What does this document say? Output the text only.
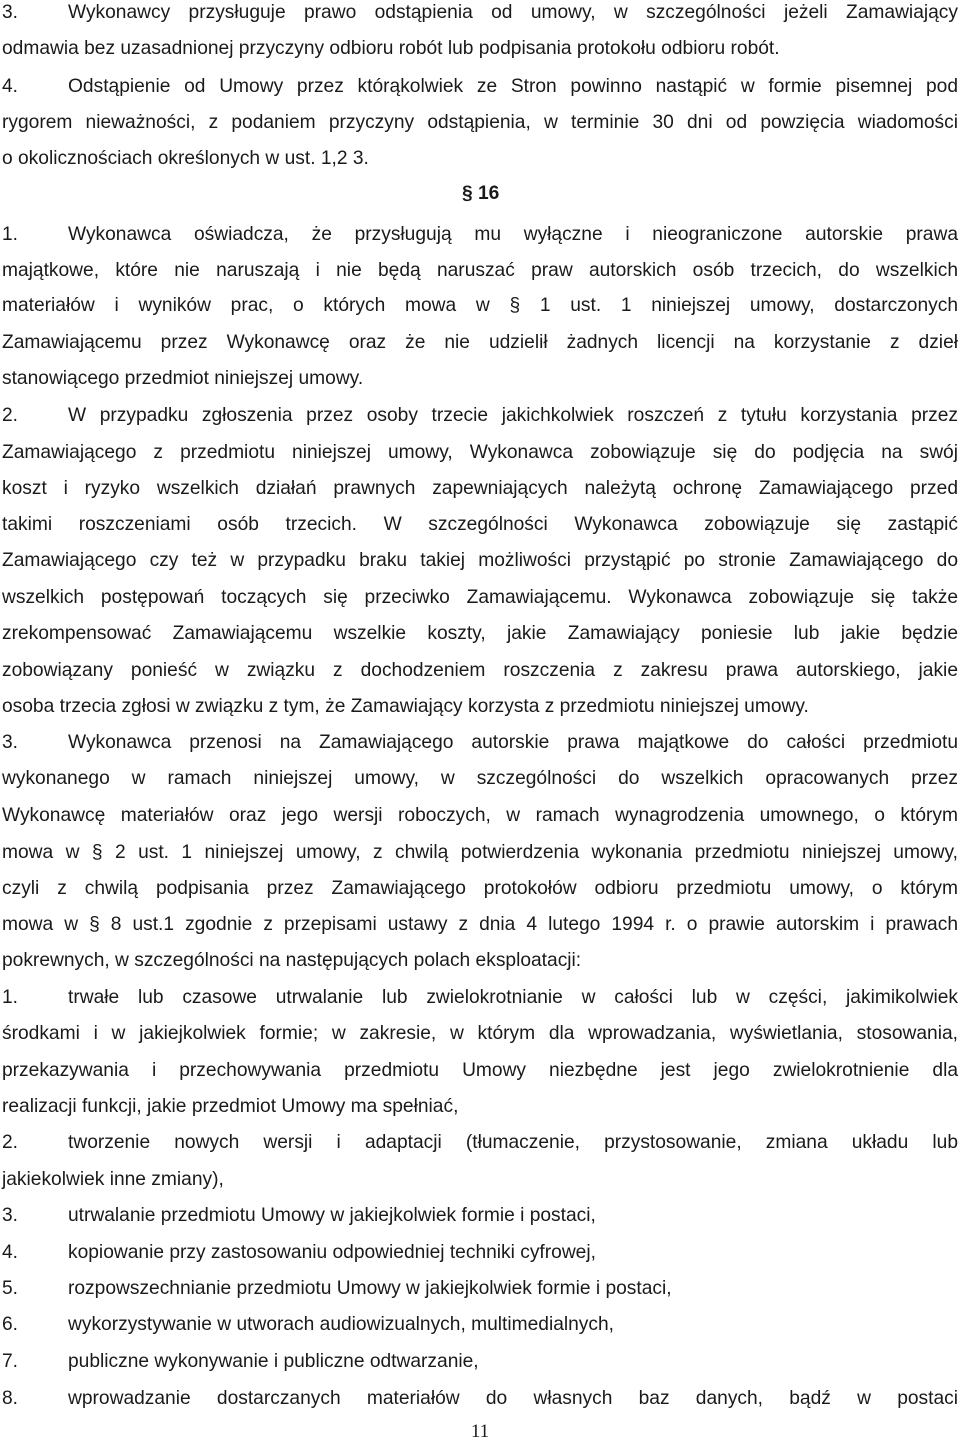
3.	Wykonawcy przysługuje prawo odstąpienia od umowy, w szczególności jeżeli Zamawiający
odmawia bez uzasadnionej przyczyny odbioru robót lub podpisania protokołu odbioru robót.
4.	Odstąpienie od Umowy przez którąkolwiek ze Stron powinno nastąpić w formie pisemnej pod
rygorem nieważności, z podaniem przyczyny odstąpienia, w terminie 30 dni od powzięcia wiadomości
o okolicznościach określonych w ust. 1,2 3.
1.	Wykonawca oświadcza, że przysługują mu wyłączne i nieograniczone autorskie prawa
majątkowe, które nie naruszają i nie będą naruszać praw autorskich osób trzecich, do wszelkich
materiałów i wyników prac, o których mowa w § 1 ust. 1 niniejszej umowy, dostarczonych
Zamawiającemu przez Wykonawcę oraz że nie udzielił żadnych licencji na korzystanie z dzieł
stanowiącego przedmiot niniejszej umowy.
2.	W przypadku zgłoszenia przez osoby trzecie jakichkolwiek roszczeń z tytułu korzystania przez
Zamawiającego z przedmiotu niniejszej umowy, Wykonawca zobowiązuje się do podjęcia na swój
koszt i ryzyko wszelkich działań prawnych zapewniających należytą ochronę Zamawiającego przed
takimi roszczeniami osób trzecich. W szczególności Wykonawca zobowiązuje się zastąpić
Zamawiającego czy też w przypadku braku takiej możliwości przystąpić po stronie Zamawiającego do
wszelkich postępowań toczących się przeciwko Zamawiającemu. Wykonawca zobowiązuje się także
zrekompensować Zamawiającemu wszelkie koszty, jakie Zamawiający poniesie lub jakie będzie
zobowiązany ponieść w związku z dochodzeniem roszczenia z zakresu prawa autorskiego, jakie
osoba trzecia zgłosi w związku z tym, że Zamawiający korzysta z przedmiotu niniejszej umowy.
3.	Wykonawca przenosi na Zamawiającego autorskie prawa majątkowe do całości przedmiotu
wykonanego w ramach niniejszej umowy, w szczególności do wszelkich opracowanych przez
Wykonawcę materiałów oraz jego wersji roboczych, w ramach wynagrodzenia umownego, o którym
mowa w § 2 ust. 1 niniejszej umowy, z chwilą potwierdzenia wykonania przedmiotu niniejszej umowy,
czyli z chwilą podpisania przez Zamawiającego protokołów odbioru przedmiotu umowy, o którym
mowa w § 8 ust.1 zgodnie z przepisami ustawy z dnia 4 lutego 1994 r. o prawie autorskim i prawach
pokrewnych, w szczególności na następujących polach eksploatacji:
1.	trwałe lub czasowe utrwalanie lub zwielokrotnianie w całości lub w części, jakimikolwiek
środkami i w jakiejkolwiek formie; w zakresie, w którym dla wprowadzania, wyświetlania, stosowania,
przekazywania i przechowywania przedmiotu Umowy niezbędne jest jego zwielokrotnienie dla
realizacji funkcji, jakie przedmiot Umowy ma spełniać,
2.	tworzenie nowych wersji i adaptacji (tłumaczenie, przystosowanie, zmiana układu lub
jakiekolwiek inne zmiany),
3.	utrwalanie przedmiotu Umowy w jakiejkolwiek formie i postaci,
4.	kopiowanie przy zastosowaniu odpowiedniej techniki cyfrowej,
5.	rozpowszechnianie przedmiotu Umowy w jakiejkolwiek formie i postaci,
6.	wykorzystywanie w utworach audiowizualnych, multimedialnych,
7.	publiczne wykonywanie i publiczne odtwarzanie,
8.	wprowadzanie dostarczanych materiałów do własnych baz danych, bądź w postaci
§ 16
11
